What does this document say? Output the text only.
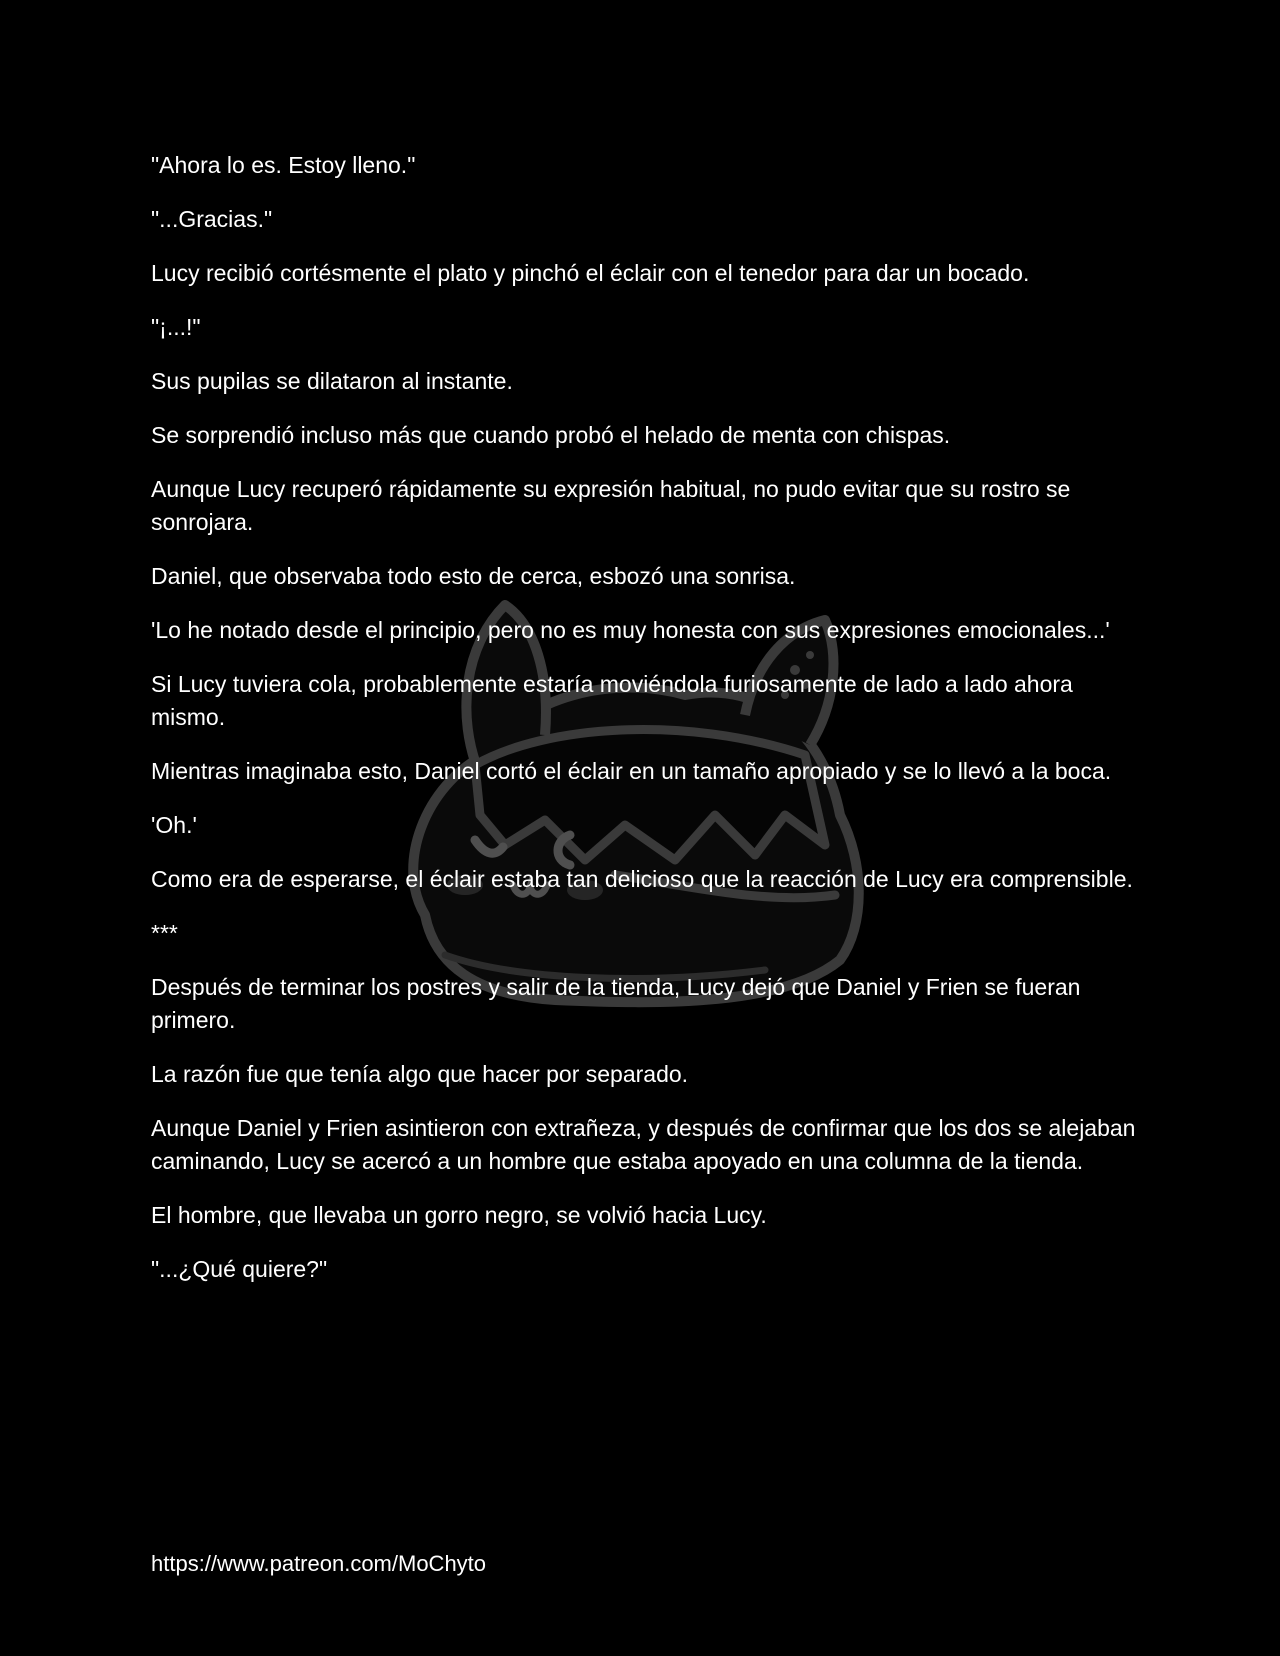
"Ahora lo es. Estoy lleno."

"...Gracias."

Lucy recibió cortésmente el plato y pinchó el éclair con el tenedor para dar un bocado.

"¡...!"

Sus pupilas se dilataron al instante.

Se sorprendió incluso más que cuando probó el helado de menta con chispas.

Aunque Lucy recuperó rápidamente su expresión habitual, no pudo evitar que su rostro se sonrojara.

Daniel, que observaba todo esto de cerca, esbozó una sonrisa.

'Lo he notado desde el principio, pero no es muy honesta con sus expresiones emocionales...'

Si Lucy tuviera cola, probablemente estaría moviéndola furiosamente de lado a lado ahora mismo.

Mientras imaginaba esto, Daniel cortó el éclair en un tamaño apropiado y se lo llevó a la boca.

'Oh.'

Como era de esperarse, el éclair estaba tan delicioso que la reacción de Lucy era comprensible.

***

Después de terminar los postres y salir de la tienda, Lucy dejó que Daniel y Frien se fueran primero.

La razón fue que tenía algo que hacer por separado.

Aunque Daniel y Frien asintieron con extrañeza, y después de confirmar que los dos se alejaban caminando, Lucy se acercó a un hombre que estaba apoyado en una columna de la tienda.

El hombre, que llevaba un gorro negro, se volvió hacia Lucy.

"...¿Qué quiere?"

https://www.patreon.com/MoChyto
